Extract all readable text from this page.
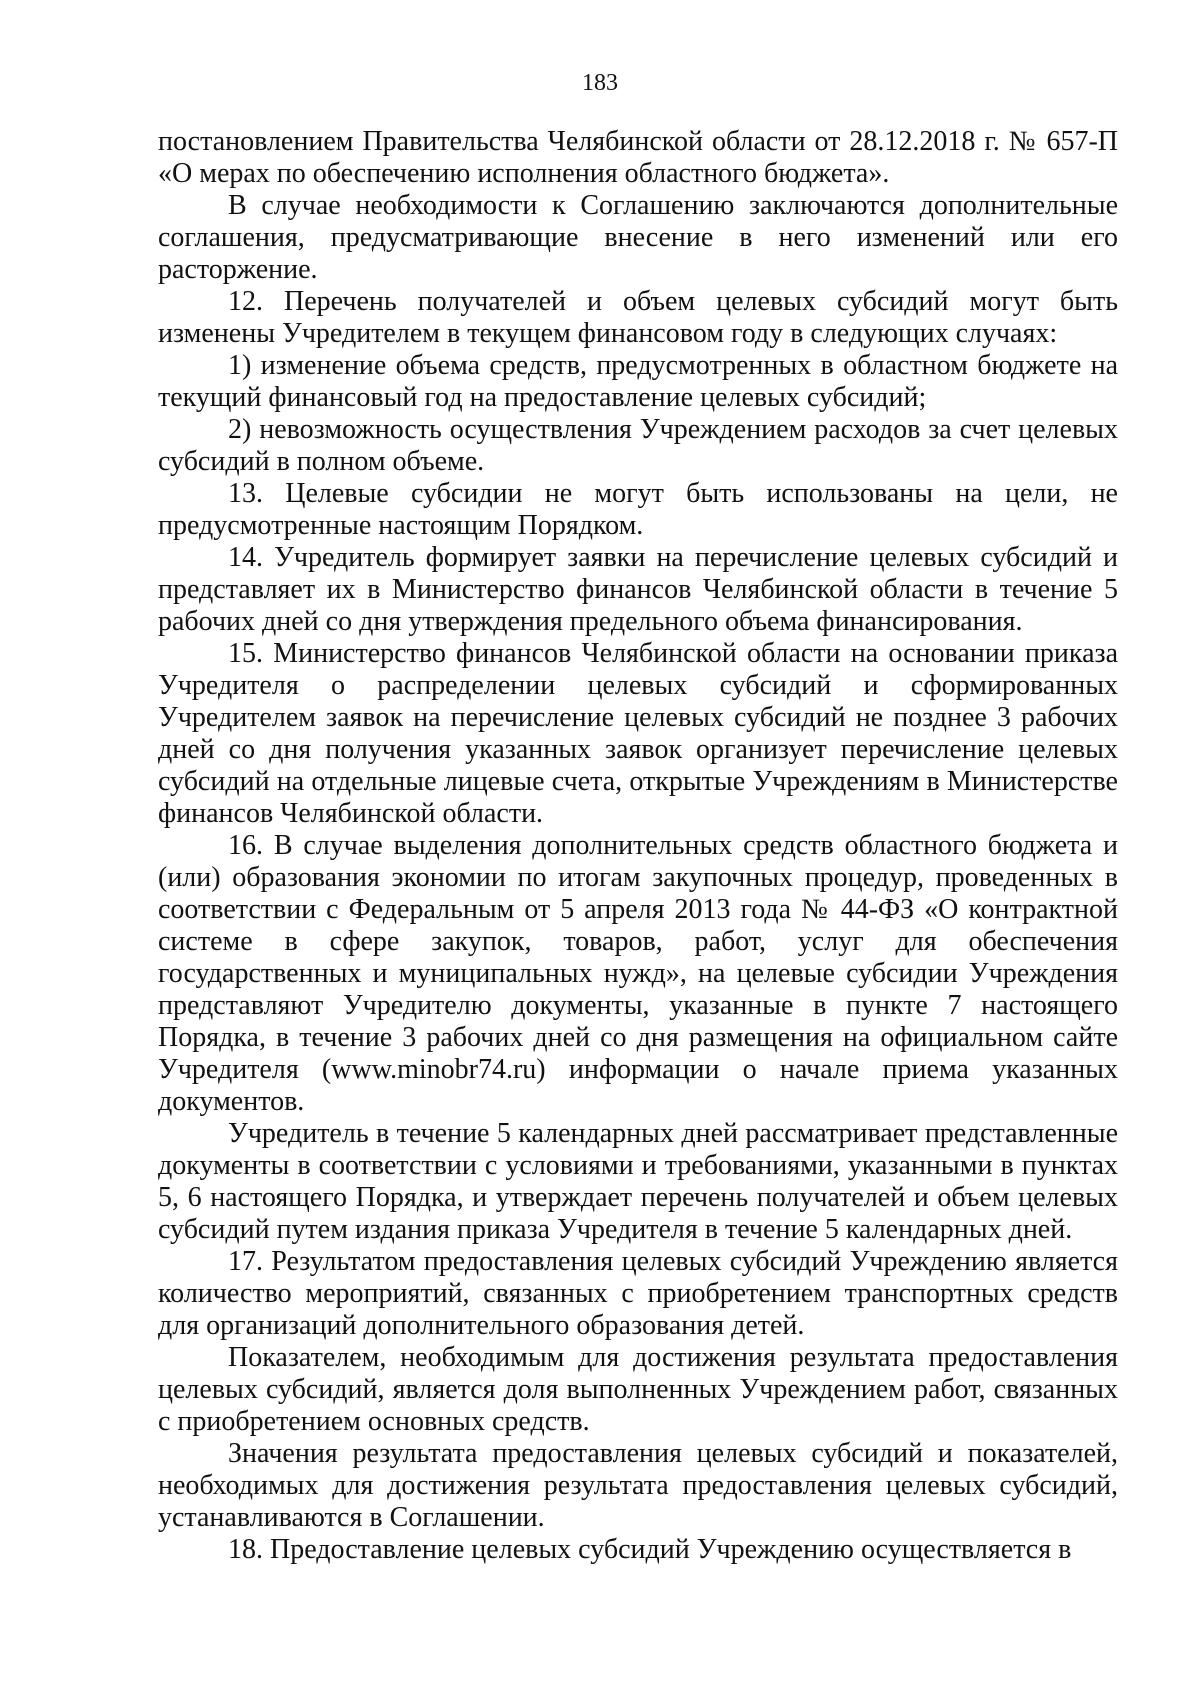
183

постановлением Правительства Челябинской области от 28.12.2018 г. № 657-П «О мерах по обеспечению исполнения областного бюджета».

В случае необходимости к Соглашению заключаются дополнительные соглашения, предусматривающие внесение в него изменений или его расторжение.

12. Перечень получателей и объем целевых субсидий могут быть изменены Учредителем в текущем финансовом году в следующих случаях:

1) изменение объема средств, предусмотренных в областном бюджете на текущий финансовый год на предоставление целевых субсидий;

2) невозможность осуществления Учреждением расходов за счет целевых субсидий в полном объеме.

13. Целевые субсидии не могут быть использованы на цели, не предусмотренные настоящим Порядком.

14. Учредитель формирует заявки на перечисление целевых субсидий и представляет их в Министерство финансов Челябинской области в течение 5 рабочих дней со дня утверждения предельного объема финансирования.

15. Министерство финансов Челябинской области на основании приказа Учредителя о распределении целевых субсидий и сформированных Учредителем заявок на перечисление целевых субсидий не позднее 3 рабочих дней со дня получения указанных заявок организует перечисление целевых субсидий на отдельные лицевые счета, открытые Учреждениям в Министерстве финансов Челябинской области.

16. В случае выделения дополнительных средств областного бюджета и (или) образования экономии по итогам закупочных процедур, проведенных в соответствии с Федеральным от 5 апреля 2013 года № 44-ФЗ «О контрактной системе в сфере закупок, товаров, работ, услуг для обеспечения государственных и муниципальных нужд», на целевые субсидии Учреждения представляют Учредителю документы, указанные в пункте 7 настоящего Порядка, в течение 3 рабочих дней со дня размещения на официальном сайте Учредителя (www.minobr74.ru) информации о начале приема указанных документов.

Учредитель в течение 5 календарных дней рассматривает представленные документы в соответствии с условиями и требованиями, указанными в пунктах 5, 6 настоящего Порядка, и утверждает перечень получателей и объем целевых субсидий путем издания приказа Учредителя в течение 5 календарных дней.

17. Результатом предоставления целевых субсидий Учреждению является количество мероприятий, связанных с приобретением транспортных средств для организаций дополнительного образования детей.

Показателем, необходимым для достижения результата предоставления целевых субсидий, является доля выполненных Учреждением работ, связанных с приобретением основных средств.

Значения результата предоставления целевых субсидий и показателей, необходимых для достижения результата предоставления целевых субсидий, устанавливаются в Соглашении.

18. Предоставление целевых субсидий Учреждению осуществляется в
